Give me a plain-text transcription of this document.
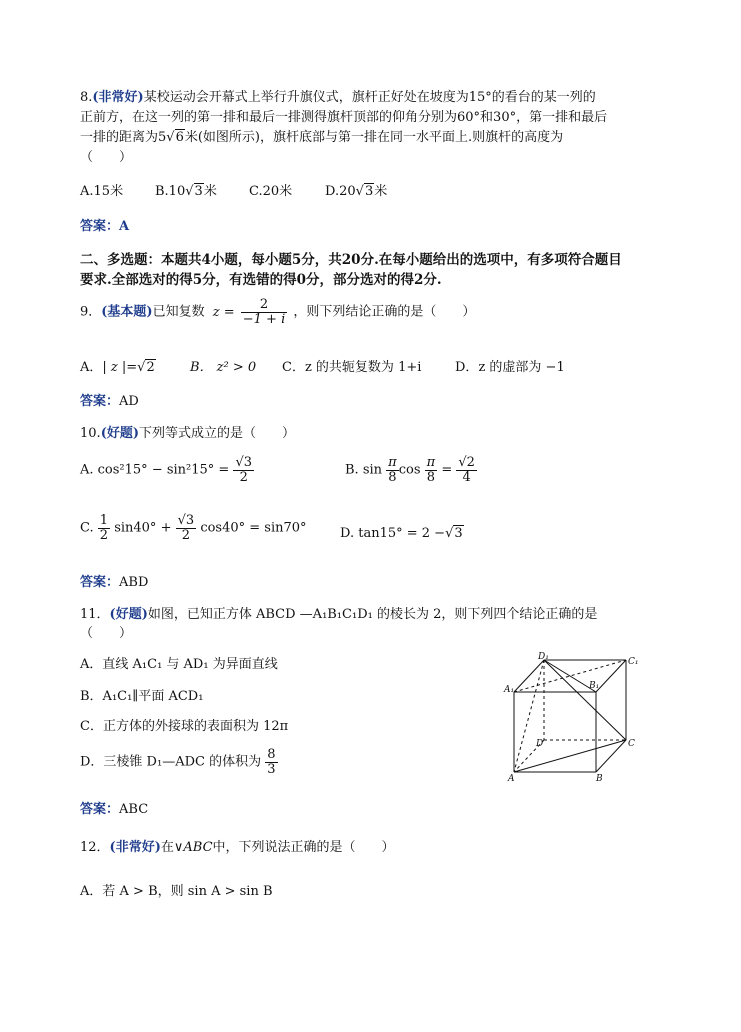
8.(非常好)某校运动会开幕式上举行升旗仪式，旗杆正好处在坡度为15°的看台的某一列的
正前方，在这一列的第一排和最后一排测得旗杆顶部的仰角分别为60°和30°，第一排和最后
一排的距离为5√6米(如图所示)，旗杆底部与第一排在同一水平面上.则旗杆的高度为
（　　）
A.15米 B.10√3米 C.20米	D.20√3米
答案：A
二、多选题：本题共4小题，每小题5分，共20分.在每小题给出的选项中，有多项符合题目
要求.全部选对的得5分，有选错的得0分，部分选对的得2分.
9．(基本题)已知复数 $z = \frac{2}{-1 + i}$ ，则下列结论正确的是（　　）
A．| z |=√2	B． z² > 0 C．z 的共轭复数为 1+i	D．z 的虚部为 −1
答案：AD
10.(好题)下列等式成立的是（　　）
A. $\cos^215^\circ - \sin^215^\circ = \frac{√3}{2}$	B. $\sin \frac{\pi}{8}$ $\cos \frac{\pi}{8} = \frac{√2}{4}$
C. $\frac{1}{2} \sin 40^\circ + \frac{√3}{2} \cos 40^\circ = \sin 70^\circ$	D. tan15° = 2 −√3
答案：ABD
11．(好题)如图，已知正方体 ABCD —A₁B₁C₁D₁ 的棱长为 2，则下列四个结论正确的是
（　　）
A．直线 A₁C₁ 与 AD₁ 为异面直线
B．A₁C₁∥平面 ACD₁
C．正方体的外接球的表面积为 12π
D．三棱锥 D₁—ADC 的体积为 $\frac{8}{3}$
D₁	C₁
A₁	B₁
D	C
A	B
答案：ABC
12．(非常好)在∨ABC中，下列说法正确的是（　　）
A．若 A > B，则 sin A > sin B
